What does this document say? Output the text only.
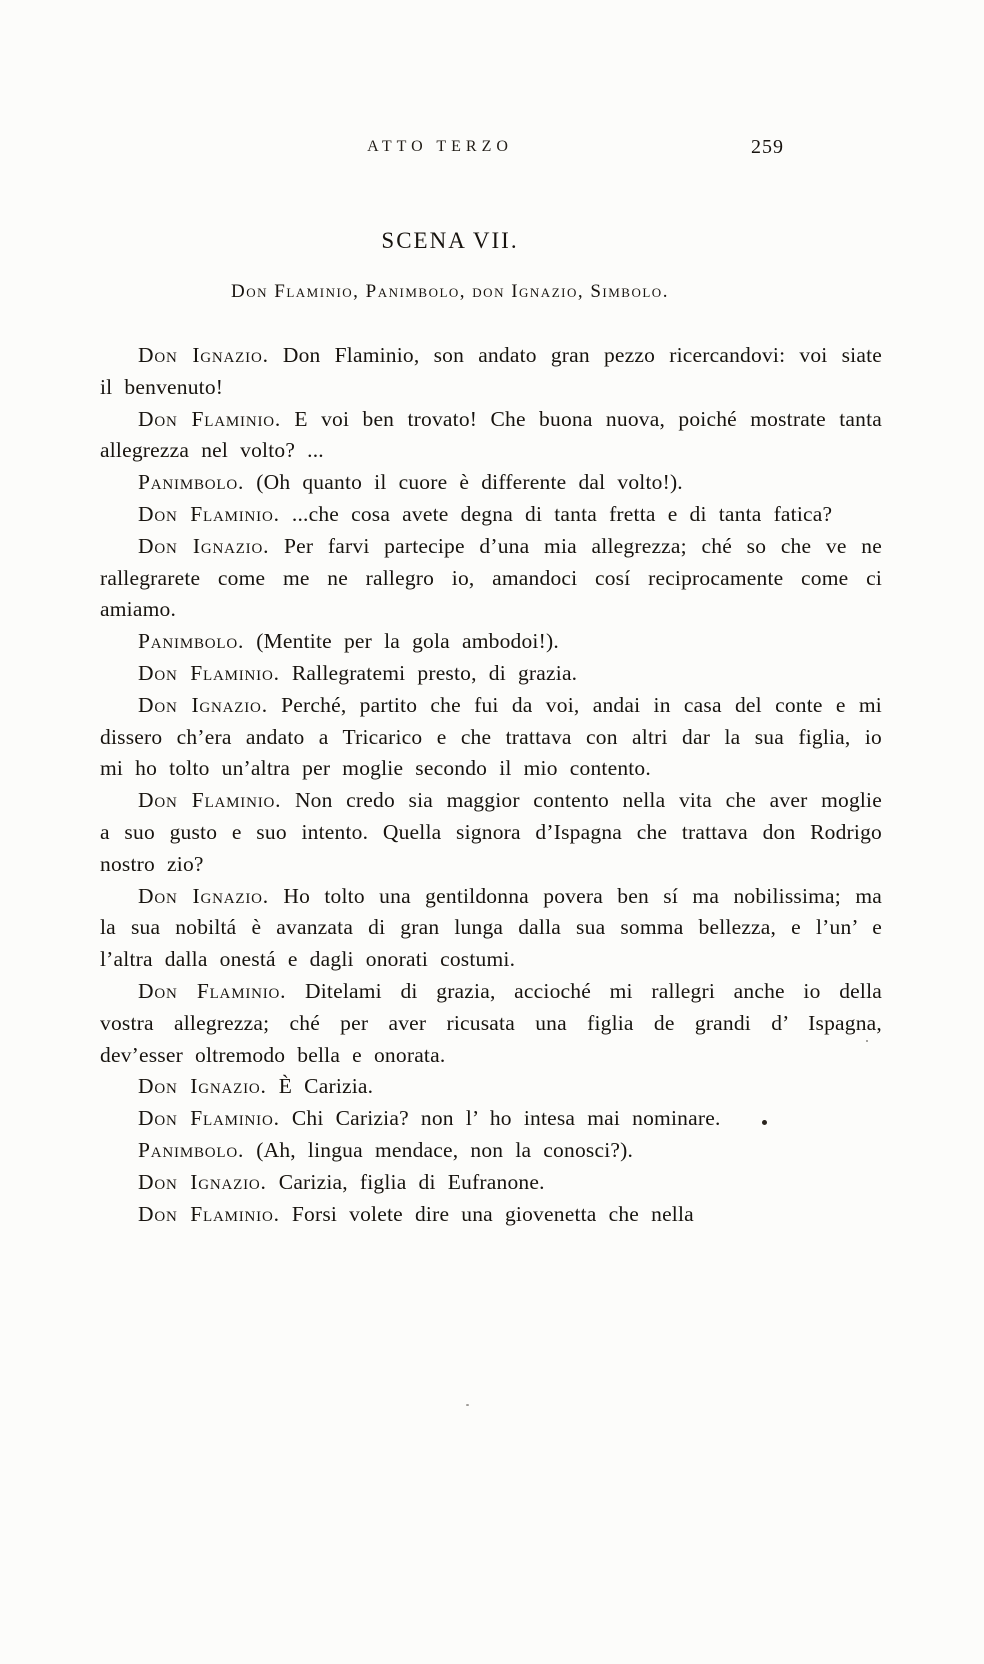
ATTO TERZO	259
SCENA VII.
Don Flaminio, Panimbolo, don Ignazio, Simbolo.

Don Ignazio. Don Flaminio, son andato gran pezzo ricercandovi: voi siate il benvenuto!

Don Flaminio. E voi ben trovato! Che buona nuova, poiché mostrate tanta allegrezza nel volto? ...

Panimbolo. (Oh quanto il cuore è differente dal volto!).

Don Flaminio. ...che cosa avete degna di tanta fretta e di tanta fatica?

Don Ignazio. Per farvi partecipe d’una mia allegrezza; ché so che ve ne rallegrarete come me ne rallegro io, amandoci cosí reciprocamente come ci amiamo.

Panimbolo. (Mentite per la gola ambodoi!).

Don Flaminio. Rallegratemi presto, di grazia.

Don Ignazio. Perché, partito che fui da voi, andai in casa del conte e mi dissero ch’era andato a Tricarico e che trattava con altri dar la sua figlia, io mi ho tolto un’altra per moglie secondo il mio contento.

Don Flaminio. Non credo sia maggior contento nella vita che aver moglie a suo gusto e suo intento. Quella signora d’Ispagna che trattava don Rodrigo nostro zio?

Don Ignazio. Ho tolto una gentildonna povera ben sí ma nobilissima; ma la sua nobiltá è avanzata di gran lunga dalla sua somma bellezza, e l’un’ e l’altra dalla onestá e dagli onorati costumi.

Don Flaminio. Ditelami di grazia, accioché mi rallegri anche io della vostra allegrezza; ché per aver ricusata una figlia de grandi d’ Ispagna, dev’esser oltremodo bella e onorata.

Don Ignazio. È Carizia.

Don Flaminio. Chi Carizia? non l’ ho intesa mai nominare.

Panimbolo. (Ah, lingua mendace, non la conosci?).

Don Ignazio. Carizia, figlia di Eufranone.

Don Flaminio. Forsi volete dire una giovenetta che nella
